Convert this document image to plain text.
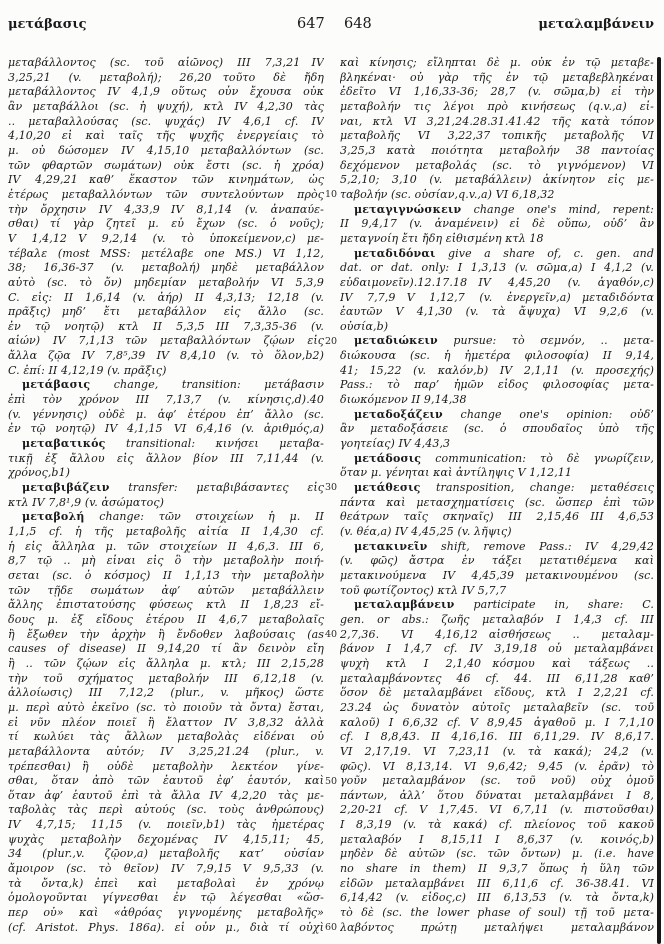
μετάβασις	647 648	μεταλαμβάνειν
μεταβάλλοντος (sc. τοῦ αἰῶνος) III 7,3,21  IV
3,25,21 (v. μεταβολή); 26,20  τοῦτο δὲ ἤδη
μεταβάλλοντος IV 4,1,9  οὕτως οὖν ἔχουσα οὐκ
ἂν μεταβάλλοι (sc. ἡ ψυχή), κτλ IV 4,2,30  τὰς
.. μεταβαλλούσας (sc. ψυχάς) IV 4,6,1 cf. IV
4,10,20  εἰ καὶ ταῖς τῆς ψυχῆς ἐνεργείαις τὸ
μ. οὐ δώσομεν IV 4,15,10  μεταβαλλόντων (sc.
τῶν φθαρτῶν σωμάτων) οὐκ ἔστι (sc. ἡ χρόα)
IV 4,29,21  καθ’ ἕκαστον τῶν κινημάτων, ὡς
ἑτέρως μεταβαλλόντων τῶν συντελούντων πρὸς
τὴν ὄρχησιν IV 4,33,9  IV 8,1,14 (v. ἀναπαύε-
σθαι)  τί γὰρ ζητεῖ μ. εὖ ἔχων (sc. ὁ νοῦς);
V 1,4,12  V 9,2,14 (v. τὸ ὑποκείμενον,c)  με-
τέβαλε (most MSS: μετέλαβε one MS.) VI 1,12,
38; 16,36-37 (v. μεταβολή)  μηδὲ μεταβάλλον
αὐτὸ (sc. τὸ ὄν) μηδεμίαν μεταβολήν VI 5,3,9
C. εἰς: II 1,6,14 (v. ἀήρ) II 4,3,13; 12,18 (v.
πρᾶξις)  μηδ’ ἔτι μεταβάλλον εἰς ἄλλο (sc.
ἐν τῷ νοητῷ) κτλ II 5,3,5  III 7,3,35-36 (v.
αἰών) IV 7,1,13  τῶν μεταβαλλόντων ζῴων εἰς
ἄλλα ζῷα IV 7,8⁵,39  IV 8,4,10 (v. τὸ ὅλον,b2)
C. ἐπί: II 4,12,19 (v. πρᾶξις)
μετάβασις change, transition: μετάβασιν
ἐπὶ τὸν χρόνον III 7,13,7 (v. κίνησις,d).40
(v. γέννησις)  οὐδὲ μ. ἀφ’ ἑτέρου ἐπ’ ἄλλο (sc.
ἐν τῷ νοητῷ) IV 4,1,15  VI 6,4,16 (v. ἀριθμός,a)
μεταβατικός transitional: κινήσει μεταβα-
τικῇ ἐξ ἄλλου εἰς ἄλλον βίον III 7,11,44 (v.
χρόνος,b1)
μεταβιβάζειν transfer: μεταβιβάσαντες εἰς
κτλ IV 7,8¹,9 (v. ἀσώματος)
μεταβολή change: τῶν στοιχείων ἡ μ. II
1,1,5 cf. ἡ τῆς μεταβολῆς αἰτία II 1,4,30 cf.
ἡ εἰς ἄλληλα μ. τῶν στοιχείων II 4,6,3. III 6,
8,7  τῷ .. μὴ εἶναι εἰς ὃ τὴν μεταβολὴν ποιή-
σεται (sc. ὁ κόσμος) II 1,1,13  τὴν μεταβολὴν
τῶν τῇδε σωμάτων ἀφ’ αὑτῶν μεταβάλλειν
ἄλλης ἐπιστατούσης φύσεως κτλ II 1,8,23  εἴ-
δους μ. ἐξ εἴδους ἑτέρου II 4,6,7  μεταβολαῖς
ἢ ἔξωθεν τὴν ἀρχὴν ἢ ἔνδοθεν λαβούσαις (as
causes of disease) II 9,14,20  τί ἂν δεινὸν εἴη
ἢ .. τῶν ζῴων εἰς ἄλληλα μ. κτλ; III 2,15,28
τὴν τοῦ σχήματος μεταβολήν III 6,12,18 (v.
ἀλλοίωσις) III 7,12,2 (plur., v. μῆκος)  ὥστε
μ. περὶ αὐτὸ ἐκεῖνο (sc. τὸ ποιοῦν τὰ ὄντα) ἔσται,
εἰ νῦν πλέον ποιεῖ ἢ ἔλαττον IV 3,8,32  ἀλλὰ
τί κωλύει τὰς ἄλλων μεταβολὰς εἰδέναι οὐ
μεταβάλλοντα αὐτόν; IV 3,25,21.24 (plur., v.
τρέπεσθαι)  ἢ οὐδὲ μεταβολὴν λεκτέον γίνε-
σθαι, ὅταν ἀπὸ τῶν ἑαυτοῦ ἐφ’ ἑαυτόν, καὶ
ὅταν ἀφ’ ἑαυτοῦ ἐπὶ τὰ ἄλλα IV 4,2,20  τὰς με-
ταβολὰς τὰς περὶ αὐτούς (sc. τοὺς ἀνθρώπους)
IV 4,7,15; 11,15 (v. ποιεῖν,b1)  τὰς ἡμετέρας
ψυχὰς μεταβολὴν δεχομένας IV 4,15,11; 45,
34 (plur.,v. ζῷον,a)  μεταβολῆς κατ’ οὐσίαν
ἄμοιρον (sc. τὸ θεῖον) IV 7,9,15  V 9,5,33 (v.
τὰ ὄντα,k)  ἐπεὶ καὶ μεταβολαὶ ἐν χρόνῳ
ὁμολογοῦνται γίγνεσθαι ἐν τῷ λέγεσθαι «ὥσ-
περ οὐ» καὶ «ἀθρόας γιγνομένης μεταβολῆς»
(cf. Aristot. Phys. 186a). εἰ οὖν μ., διὰ τί οὐχὶ
καὶ κίνησις; εἴληπται δὲ μ. οὐκ ἐν τῷ μεταβε-
βληκέναι· οὐ γὰρ τῆς ἐν τῷ μεταβεβληκέναι
ἐδεῖτο VI 1,16,33-36; 28,7 (v. σῶμα,b)  εἰ τὴν
μεταβολήν τις λέγοι πρὸ κινήσεως (q.v.,a) εἶ-
ναι, κτλ VI 3,21,24.28.31.41.42  τῆς κατὰ τόπον
μεταβολῆς VI 3,22,37  τοπικῆς μεταβολῆς VI
3,25,3  κατὰ ποιότητα μεταβολήν 38  παντοίας
δεχόμενον μεταβολάς (sc. τὸ γιγνόμενον) VI
5,2,10; 3,10 (v. μεταβάλλειν)  ἀκίνητον εἰς με-
ταβολήν (sc. οὐσίαν,q.v.,a) VI 6,18,32
μεταγιγνώσκειν change one's mind, repent:
II 9,4,17 (v. ἀναμένειν)  εἰ δὲ οὔπω, οὐδ’ ἂν
μεταγνοίη ἔτι ἤδη εἰθισμένη κτλ 18
μεταδιδόναι give a share of, c. gen. and
dat. or dat. only: I 1,3,13 (v. σῶμα,a) I 4,1,2 (v.
εὐδαιμονεῖν).12.17.18  IV 4,45,20 (v. ἀγαθόν,c)
IV 7,7,9  V 1,12,7 (v. ἐνεργεῖν,a)  μεταδιδόντα
ἑαυτῶν V 4,1,30 (v. τὰ ἄψυχα) VI 9,2,6 (v.
οὐσία,b)
μεταδιώκειν pursue: τὸ σεμνόν, .. μετα-
διώκουσα (sc. ἡ ἡμετέρα φιλοσοφία) II 9,14,
41; 15,22 (v. καλόν,b) IV 2,1,11 (v. προσεχής)
Pass.: τὸ παρ’ ἡμῶν εἶδος φιλοσοφίας μετα-
διωκόμενον II 9,14,38
μεταδοξάζειν change one's opinion: οὐδ’
ἂν μεταδοξάσειε (sc. ὁ σπουδαῖος ὑπὸ τῆς
γοητείας) IV 4,43,3
μετάδοσις communication: τὸ δὲ γνωρίζειν,
ὅταν μ. γένηται καὶ ἀντίληψις V 1,12,11
μετάθεσις transposition, change: μεταθέσεις
πάντα καὶ μετασχηματίσεις (sc. ὥσπερ ἐπὶ τῶν
θεάτρων ταῖς σκηναῖς) III 2,15,46  III 4,6,53
(v. θέα,a) IV 4,45,25 (v. λῆψις)
μετακινεῖν shift, remove Pass.: IV 4,29,42
(v. φῶς)  ἄστρα ἐν τάξει μετατιθέμενα καὶ
μετακινούμενα IV 4,45,39  μετακινουμένου (sc.
τοῦ φωτίζοντος) κτλ IV 5,7,7
μεταλαμβάνειν participate in, share: C.
gen. or abs.: ζωῆς μεταλαβόν I 1,4,3 cf. III
2,7,36. VI 4,16,12  αἰσθήσεως .. μεταλαμ-
βάνον I 1,4,7 cf. IV 3,19,18  οὗ μεταλαμβάνει
ψυχὴ κτλ I 2,1,40  κόσμου καὶ τάξεως ..
μεταλαμβάνοντες 46 cf. 44. III 6,11,28  καθ’
ὅσον δὲ μεταλαμβάνει εἴδους, κτλ I 2,2,21 cf.
23.24  ὡς δυνατὸν αὐτοῖς μεταλαβεῖν (sc. τοῦ
καλοῦ) I 6,6,32 cf. V 8,9,45  ἀγαθοῦ μ. I 7,1,10
cf. I 8,8,43. II 4,16,16. III 6,11,29. IV 8,6,17.
VI 2,17,19. VI 7,23,11 (v. τὰ κακά); 24,2 (v.
φῶς). VI 8,13,14. VI 9,6,42; 9,45 (v. ἐρᾶν)  τὸ
γοῦν μεταλαμβάνον (sc. τοῦ νοῦ) οὐχ ὁμοῦ
πάντων, ἀλλ’ ὅτου δύναται μεταλαμβάνει I 8,
2,20-21 cf. V 1,7,45. VI 6,7,11 (v. πιστοῦσθαι)
I 8,3,19 (v. τὰ κακά) cf. πλείονος τοῦ κακοῦ
μεταλαβόν I 8,15,11  I 8,6,37 (v. κοινός,b)
μηδὲν δὲ αὐτῶν (sc. τῶν ὄντων) μ. (i.e. have
no share in them) II 9,3,7  ὅπως ἡ ὕλη τῶν
εἰδῶν μεταλαμβάνει III 6,11,6 cf. 36-38.41. VI
6,14,42 (v. εἶδος,c)  III 6,13,53 (v. τὰ ὄντα,k)
τὸ δὲ (sc. the lower phase of soul) τῇ τοῦ μετα-
λαβόντος πρώτῃ μεταλήψει μεταλαμβάνον
10
20
30
40
50
60
